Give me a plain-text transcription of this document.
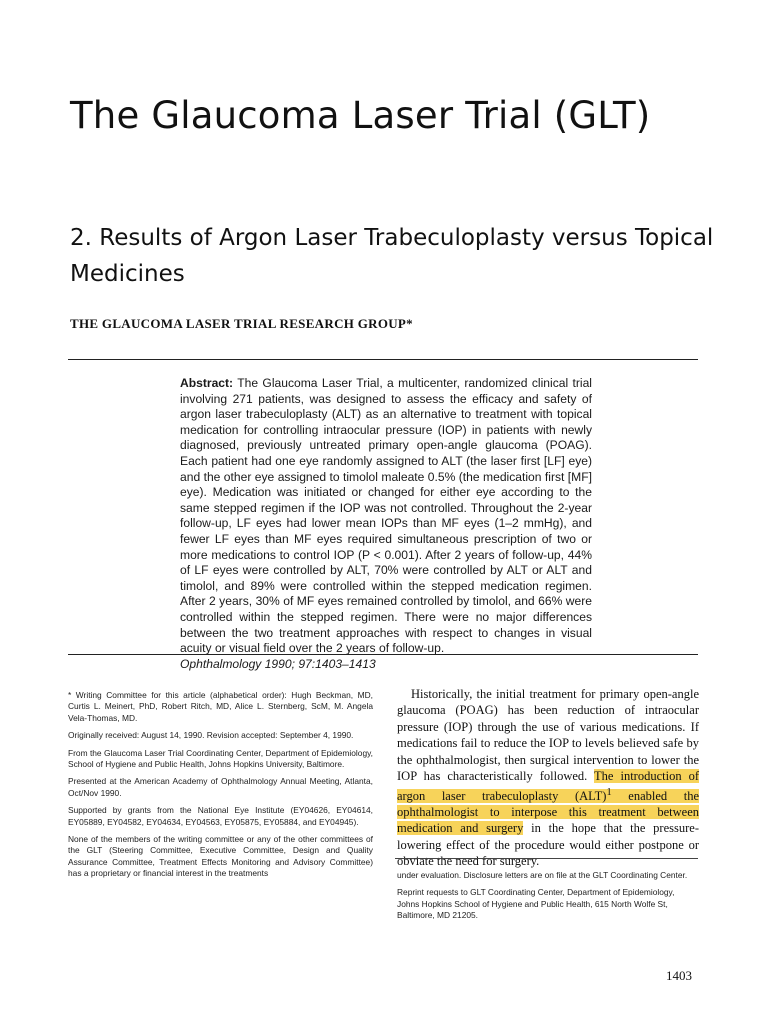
The Glaucoma Laser Trial (GLT)
2. Results of Argon Laser Trabeculoplasty versus Topical Medicines
THE GLAUCOMA LASER TRIAL RESEARCH GROUP*
Abstract: The Glaucoma Laser Trial, a multicenter, randomized clinical trial involving 271 patients, was designed to assess the efficacy and safety of argon laser trabeculoplasty (ALT) as an alternative to treatment with topical medication for controlling intraocular pressure (IOP) in patients with newly diagnosed, previously untreated primary open-angle glaucoma (POAG). Each patient had one eye randomly assigned to ALT (the laser first [LF] eye) and the other eye assigned to timolol maleate 0.5% (the medication first [MF] eye). Medication was initiated or changed for either eye according to the same stepped regimen if the IOP was not controlled. Throughout the 2-year follow-up, LF eyes had lower mean IOPs than MF eyes (1–2 mmHg), and fewer LF eyes than MF eyes required simultaneous prescription of two or more medications to control IOP (P < 0.001). After 2 years of follow-up, 44% of LF eyes were controlled by ALT, 70% were controlled by ALT or ALT and timolol, and 89% were controlled within the stepped medication regimen. After 2 years, 30% of MF eyes remained controlled by timolol, and 66% were controlled within the stepped regimen. There were no major differences between the two treatment approaches with respect to changes in visual acuity or visual field over the 2 years of follow-up.
Ophthalmology 1990; 97:1403–1413

* Writing Committee for this article (alphabetical order): Hugh Beckman, MD, Curtis L. Meinert, PhD, Robert Ritch, MD, Alice L. Sternberg, ScM, M. Angela Vela-Thomas, MD.

Originally received: August 14, 1990. Revision accepted: September 4, 1990.

From the Glaucoma Laser Trial Coordinating Center, Department of Epidemiology, School of Hygiene and Public Health, Johns Hopkins University, Baltimore.

Presented at the American Academy of Ophthalmology Annual Meeting, Atlanta, Oct/Nov 1990.

Supported by grants from the National Eye Institute (EY04626, EY04614, EY05889, EY04582, EY04634, EY04563, EY05875, EY05884, and EY04945).

None of the members of the writing committee or any of the other committees of the GLT (Steering Committee, Executive Committee, Design and Quality Assurance Committee, Treatment Effects Monitoring and Advisory Committee) has a proprietary or financial interest in the treatments

Historically, the initial treatment for primary open-angle glaucoma (POAG) has been reduction of intraocular pressure (IOP) through the use of various medications. If medications fail to reduce the IOP to levels believed safe by the ophthalmologist, then surgical intervention to lower the IOP has characteristically followed. The introduction of argon laser trabeculoplasty (ALT)$^1$ enabled the ophthalmologist to interpose this treatment between medication and surgery in the hope that the pressure-lowering effect of the procedure would either postpone or obviate the need for surgery.

under evaluation. Disclosure letters are on file at the GLT Coordinating Center.

Reprint requests to GLT Coordinating Center, Department of Epidemiology, Johns Hopkins School of Hygiene and Public Health, 615 North Wolfe St, Baltimore, MD 21205.

1403
